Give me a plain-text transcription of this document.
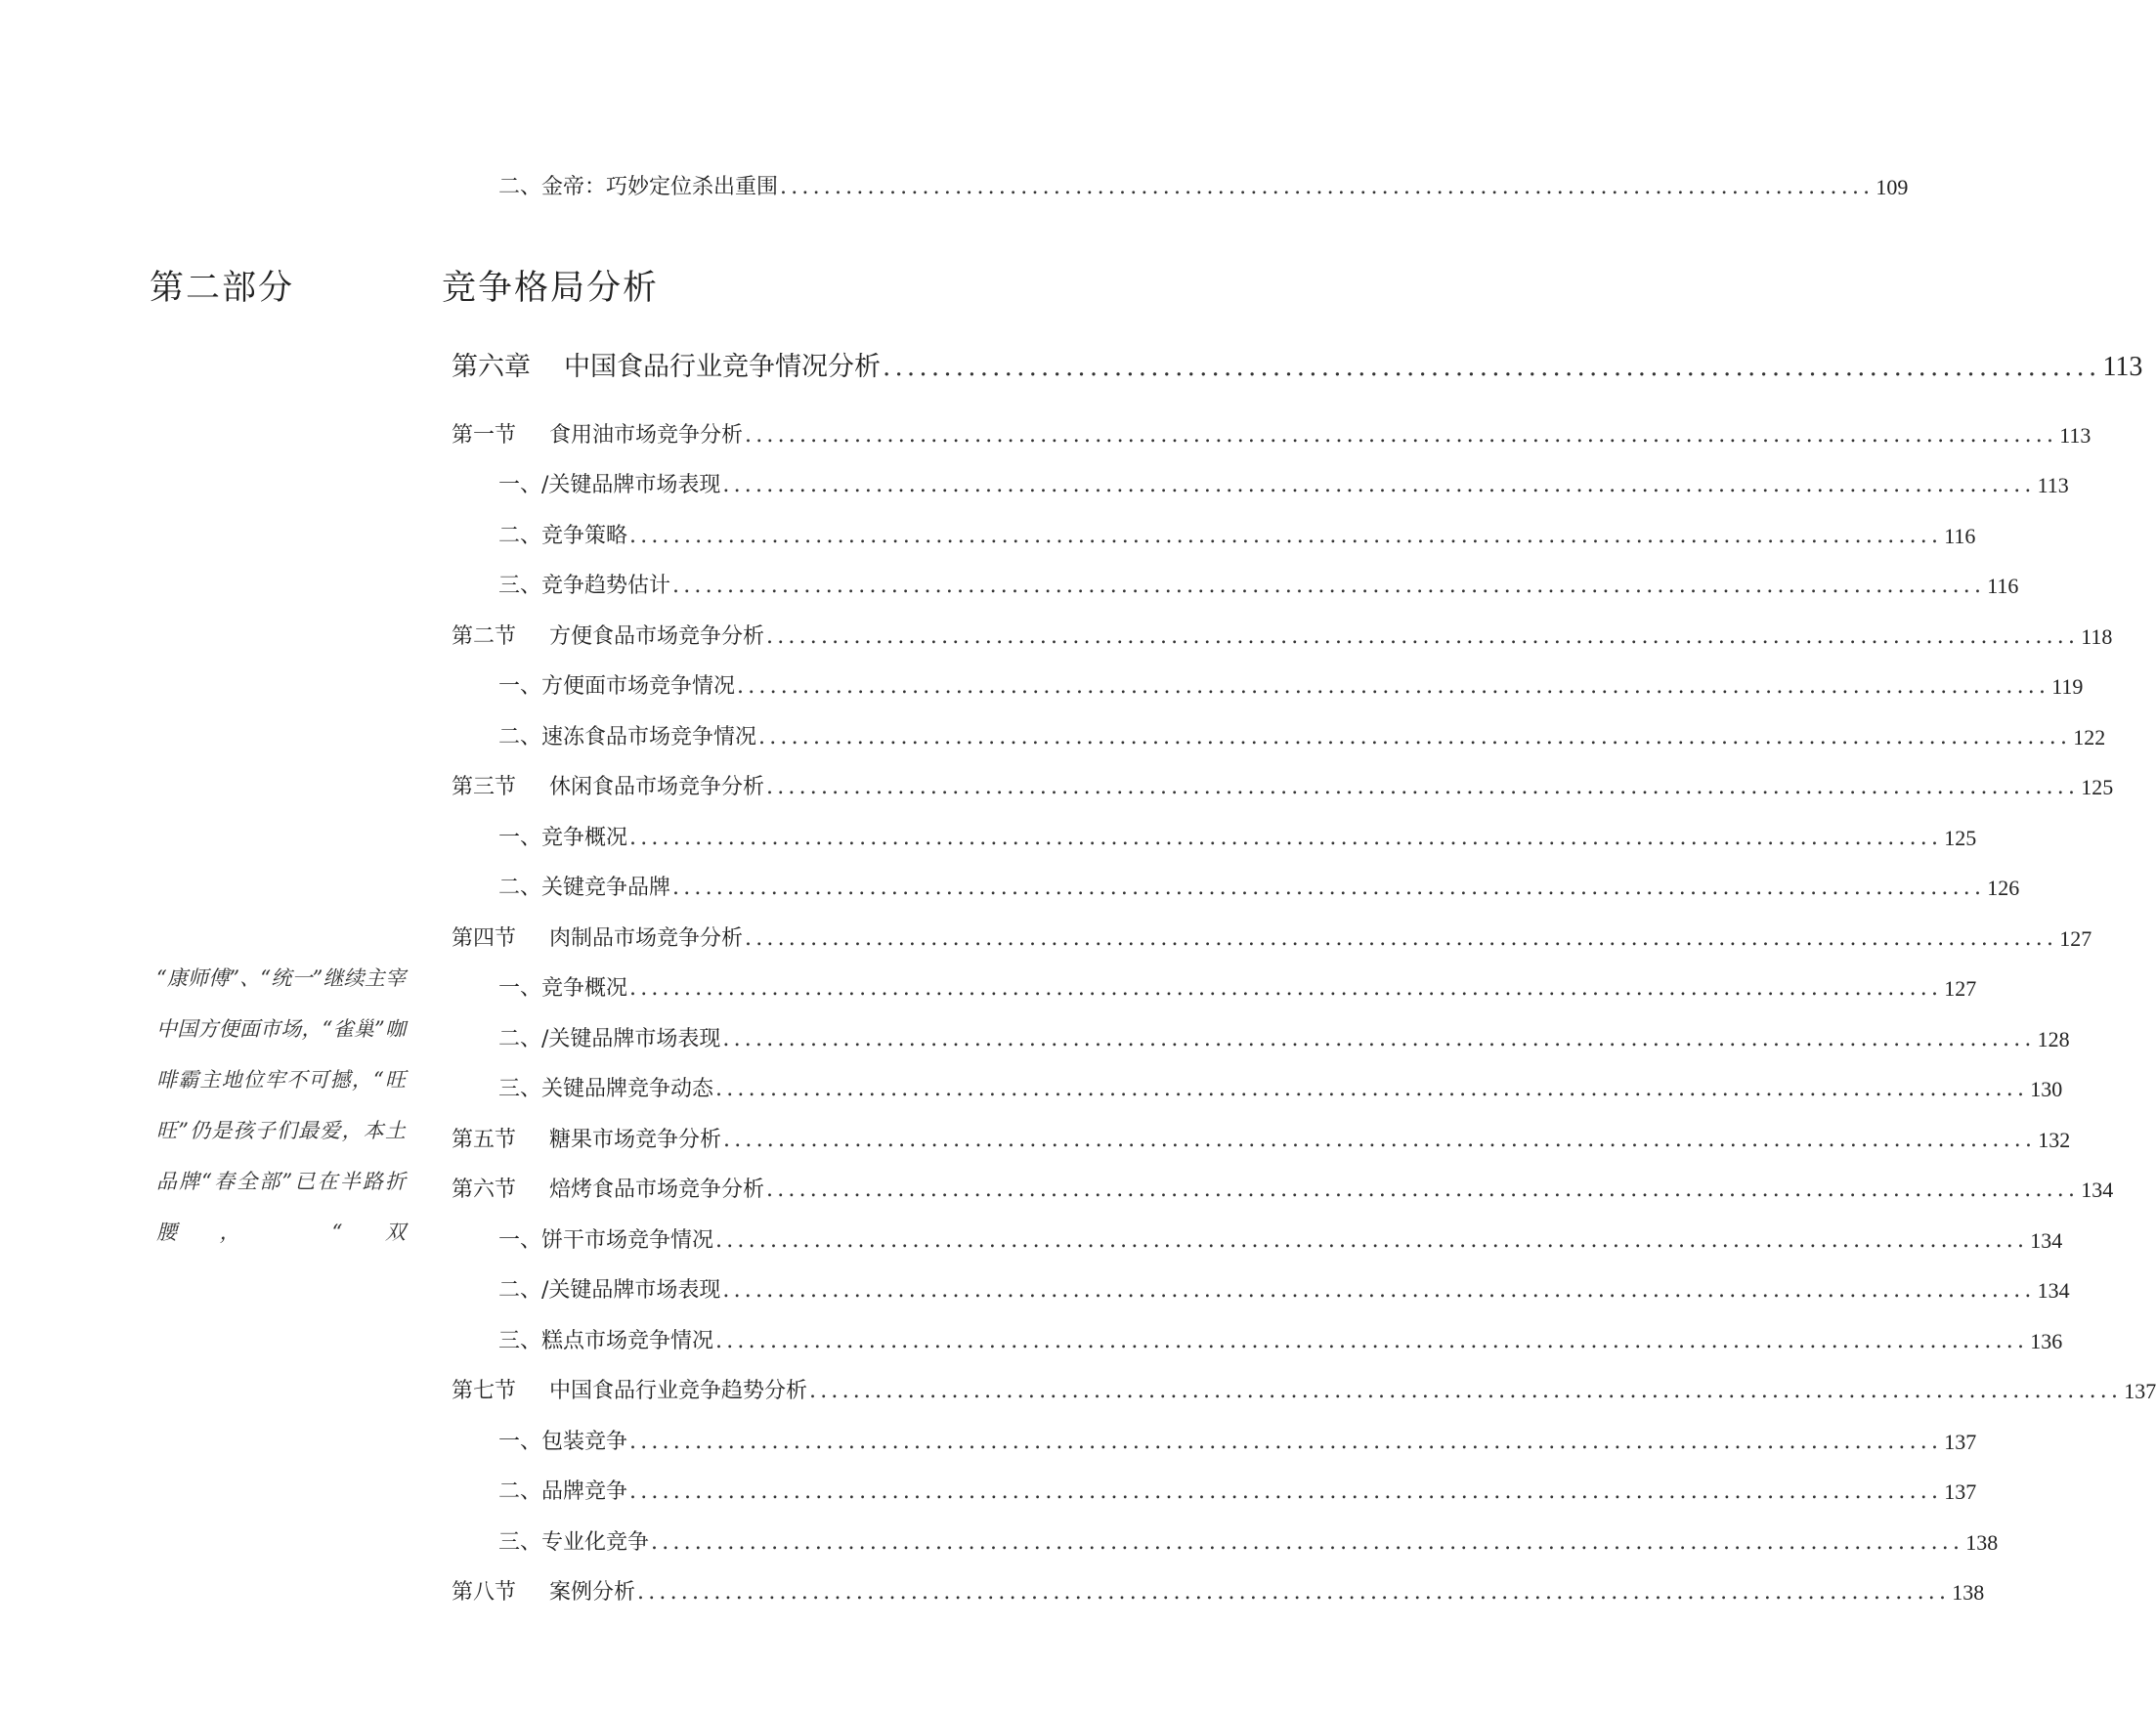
二、金帝：巧妙定位杀出重围 .................................................................................................... 109
第二部分	竞争格局分析
第六章	中国食品行业竞争情况分析 .................................................................................................... 113
第一节	食用油市场竞争分析 ........................................................................................................................ 113
一、/关键品牌市场表现 ........................................................................................................................ 113
二、竞争策略 ........................................................................................................................ 116
三、竞争趋势估计 ........................................................................................................................ 116
第二节	方便食品市场竞争分析 ........................................................................................................................ 118
一、方便面市场竞争情况 ........................................................................................................................ 119
二、速冻食品市场竞争情况 ........................................................................................................................ 122
第三节	休闲食品市场竞争分析 ........................................................................................................................ 125
一、竞争概况 ........................................................................................................................ 125
二、关键竞争品牌 ........................................................................................................................ 126
第四节	肉制品市场竞争分析 ........................................................................................................................ 127
一、竞争概况 ........................................................................................................................ 127
二、/关键品牌市场表现 ........................................................................................................................ 128
三、关键品牌竞争动态 ........................................................................................................................ 130
第五节	糖果市场竞争分析 ........................................................................................................................ 132
第六节	焙烤食品市场竞争分析 ........................................................................................................................ 134
一、饼干市场竞争情况 ........................................................................................................................ 134
二、/关键品牌市场表现 ........................................................................................................................ 134
三、糕点市场竞争情况 ........................................................................................................................ 136
第七节	中国食品行业竞争趋势分析 ........................................................................................................................ 137
一、包装竞争 ........................................................................................................................ 137
二、品牌竞争 ........................................................................................................................ 137
三、专业化竞争 ........................................................................................................................ 138
第八节	案例分析 ........................................................................................................................ 138

“康师傅”、“统一”继续主宰中国方便面市场，“雀巢”咖啡霸主地位牢不可撼，“旺旺”仍是孩子们最爱，本土品牌“春全部”已在半路折腰， “双
